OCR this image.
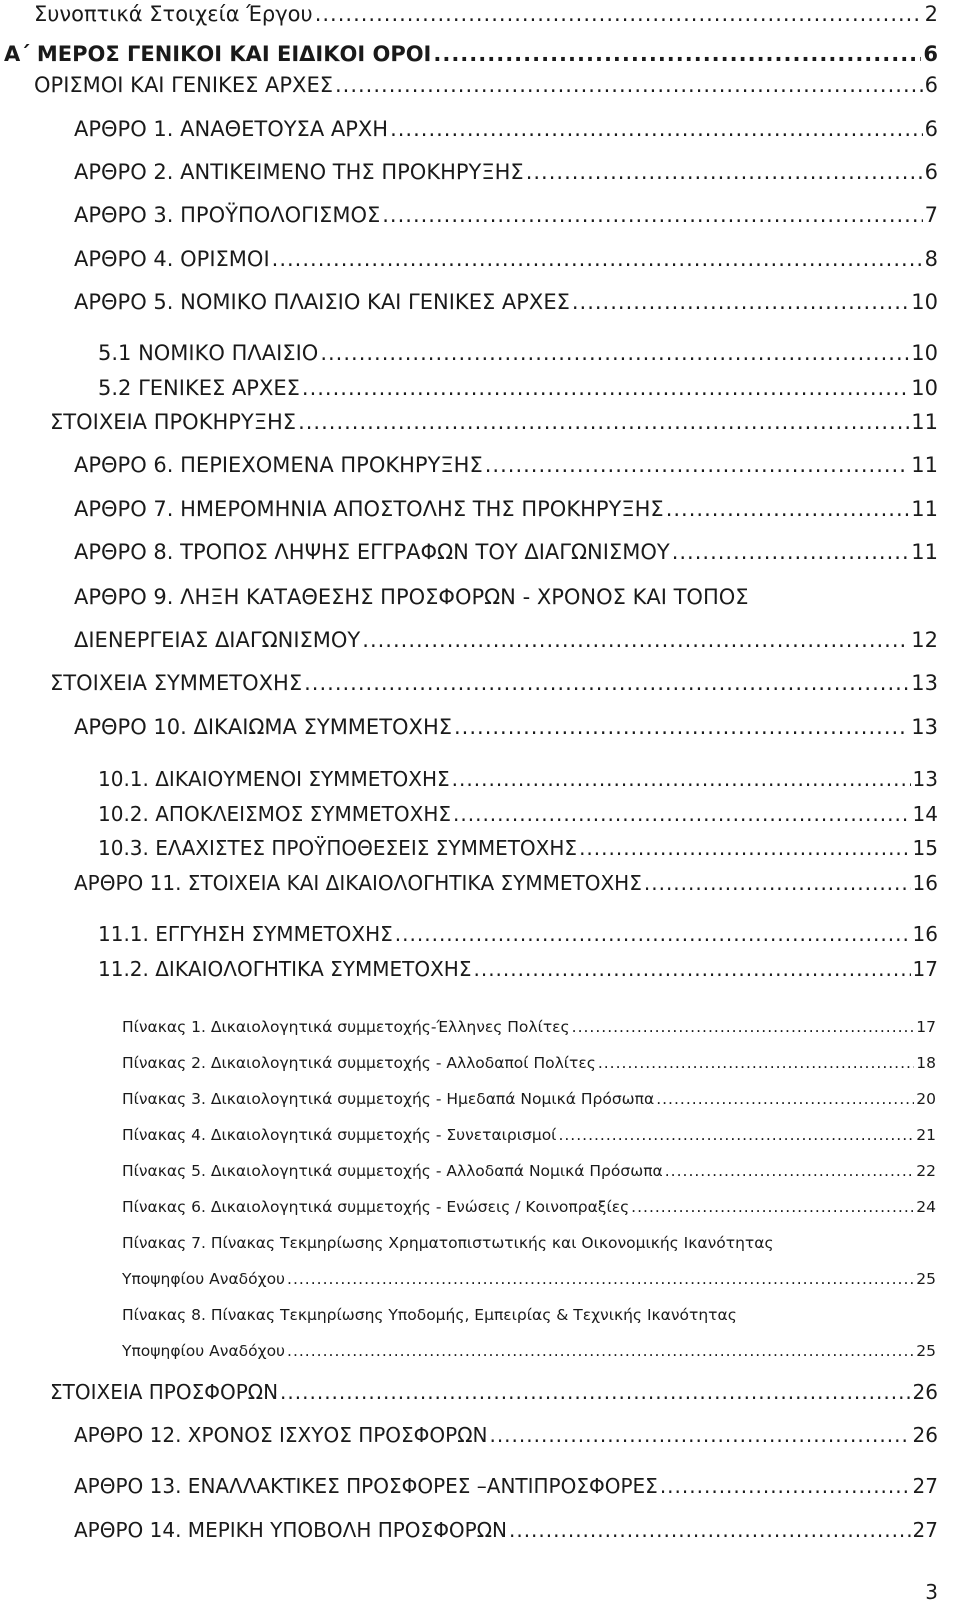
Συνοπτικά Στοιχεία Έργου .....	2
Α΄ ΜΕΡΟΣ ΓΕΝΙΚΟΙ ΚΑΙ ΕΙΔΙΚΟΙ ΟΡΟΙ .....	6
ΟΡΙΣΜΟΙ ΚΑΙ ΓΕΝΙΚΕΣ ΑΡΧΕΣ .....	6
ΑΡΘΡΟ 1. ΑΝΑΘΕΤΟΥΣΑ ΑΡΧΗ .....	6
ΑΡΘΡΟ 2. ΑΝΤΙΚΕΙΜΕΝΟ ΤΗΣ ΠΡΟΚΗΡΥΞΗΣ .....	6
ΑΡΘΡΟ 3. ΠΡΟΫΠΟΛΟΓΙΣΜΟΣ .....	7
ΑΡΘΡΟ 4. ΟΡΙΣΜΟΙ .....	8
ΑΡΘΡΟ 5. ΝΟΜΙΚΟ ΠΛΑΙΣΙΟ ΚΑΙ ΓΕΝΙΚΕΣ ΑΡΧΕΣ .....	10
5.1 ΝΟΜΙΚΟ ΠΛΑΙΣΙΟ .....	10
5.2 ΓΕΝΙΚΕΣ ΑΡΧΕΣ .....	10
ΣΤΟΙΧΕΙΑ ΠΡΟΚΗΡΥΞΗΣ .....	11
ΑΡΘΡΟ 6. ΠΕΡΙΕΧΟΜΕΝΑ ΠΡΟΚΗΡΥΞΗΣ .....	11
ΑΡΘΡΟ 7. ΗΜΕΡΟΜΗΝΙΑ ΑΠΟΣΤΟΛΗΣ ΤΗΣ ΠΡΟΚΗΡΥΞΗΣ .....	11
ΑΡΘΡΟ 8. ΤΡΟΠΟΣ ΛΗΨΗΣ ΕΓΓΡΑΦΩΝ ΤΟΥ ΔΙΑΓΩΝΙΣΜΟΥ .....	11
ΑΡΘΡΟ 9. ΛΗΞΗ ΚΑΤΑΘΕΣΗΣ ΠΡΟΣΦΟΡΩΝ - ΧΡΟΝΟΣ ΚΑΙ ΤΟΠΟΣ
ΔΙΕΝΕΡΓΕΙΑΣ ΔΙΑΓΩΝΙΣΜΟΥ .....	12
ΣΤΟΙΧΕΙΑ ΣΥΜΜΕΤΟΧΗΣ .....	13
ΑΡΘΡΟ 10. ΔΙΚΑΙΩΜΑ ΣΥΜΜΕΤΟΧΗΣ .....	13
10.1. ΔΙΚΑΙΟΥΜΕΝΟΙ ΣΥΜΜΕΤΟΧΗΣ .....	13
10.2. ΑΠΟΚΛΕΙΣΜΟΣ ΣΥΜΜΕΤΟΧΗΣ .....	14
10.3. ΕΛΑΧΙΣΤΕΣ ΠΡΟΫΠΟΘΕΣΕΙΣ ΣΥΜΜΕΤΟΧΗΣ .....	15
ΑΡΘΡΟ 11. ΣΤΟΙΧΕΙΑ ΚΑΙ ΔΙΚΑΙΟΛΟΓΗΤΙΚΑ ΣΥΜΜΕΤΟΧΗΣ .....	16
11.1. ΕΓΓΥΗΣΗ ΣΥΜΜΕΤΟΧΗΣ .....	16
11.2. ΔΙΚΑΙΟΛΟΓΗΤΙΚΑ ΣΥΜΜΕΤΟΧΗΣ .....	17
Πίνακας 1. Δικαιολογητικά συμμετοχής-Έλληνες Πολίτες .....	17
Πίνακας 2. Δικαιολογητικά συμμετοχής - Αλλοδαποί Πολίτες .....	18
Πίνακας 3. Δικαιολογητικά συμμετοχής - Ημεδαπά Νομικά Πρόσωπα .....	20
Πίνακας 4. Δικαιολογητικά συμμετοχής - Συνεταιρισμοί .....	21
Πίνακας 5. Δικαιολογητικά συμμετοχής - Αλλοδαπά Νομικά Πρόσωπα .....	22
Πίνακας 6. Δικαιολογητικά συμμετοχής - Ενώσεις / Κοινοπραξίες .....	24
Πίνακας 7. Πίνακας Τεκμηρίωσης Χρηματοπιστωτικής και Οικονομικής Ικανότητας
Υποψηφίου Αναδόχου .....	25
Πίνακας 8. Πίνακας Τεκμηρίωσης Υποδομής, Εμπειρίας & Τεχνικής Ικανότητας
Υποψηφίου Αναδόχου .....	25
ΣΤΟΙΧΕΙΑ ΠΡΟΣΦΟΡΩΝ .....	26
ΑΡΘΡΟ 12. ΧΡΟΝΟΣ ΙΣΧΥΟΣ ΠΡΟΣΦΟΡΩΝ .....	26
ΑΡΘΡΟ 13. ΕΝΑΛΛΑΚΤΙΚΕΣ ΠΡΟΣΦΟΡΕΣ –ΑΝΤΙΠΡΟΣΦΟΡΕΣ .....	27
ΑΡΘΡΟ 14. ΜΕΡΙΚΗ ΥΠΟΒΟΛΗ ΠΡΟΣΦΟΡΩΝ .....	27
3
